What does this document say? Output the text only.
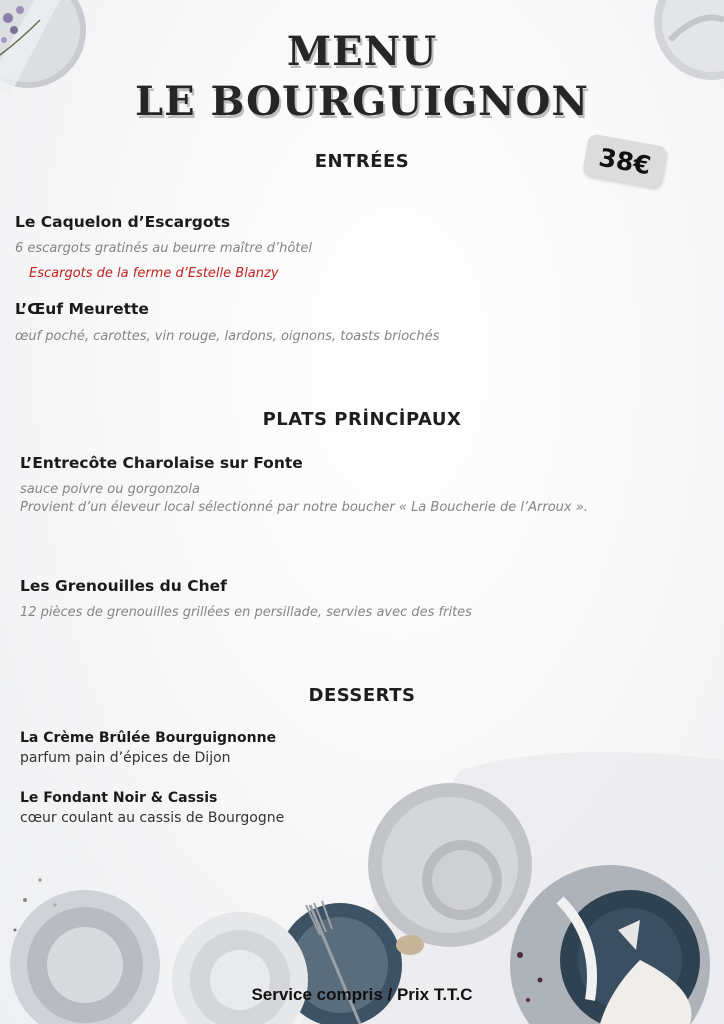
MENU
LE BOURGUIGNON
38€
ENTRÉES
Le Caquelon d’Escargots
6 escargots gratinés au beurre maître d’hôtel
Escargots de la ferme d’Estelle Blanzy
L’Œuf Meurette
œuf poché, carottes, vin rouge, lardons, oignons, toasts briochés
PLATS PRİNCİPAUX
L’Entrecôte Charolaise sur Fonte
sauce poivre ou gorgonzola
Provient d’un éleveur local sélectionné par notre boucher « La Boucherie de l’Arroux ».
Les Grenouilles du Chef
12 pièces de grenouilles grillées en persillade, servies avec des frites
DESSERTS
La Crème Brûlée Bourguignonne
parfum pain d’épices de Dijon
Le Fondant Noir & Cassis
cœur coulant au cassis de Bourgogne
Service compris / Prix T.T.C
